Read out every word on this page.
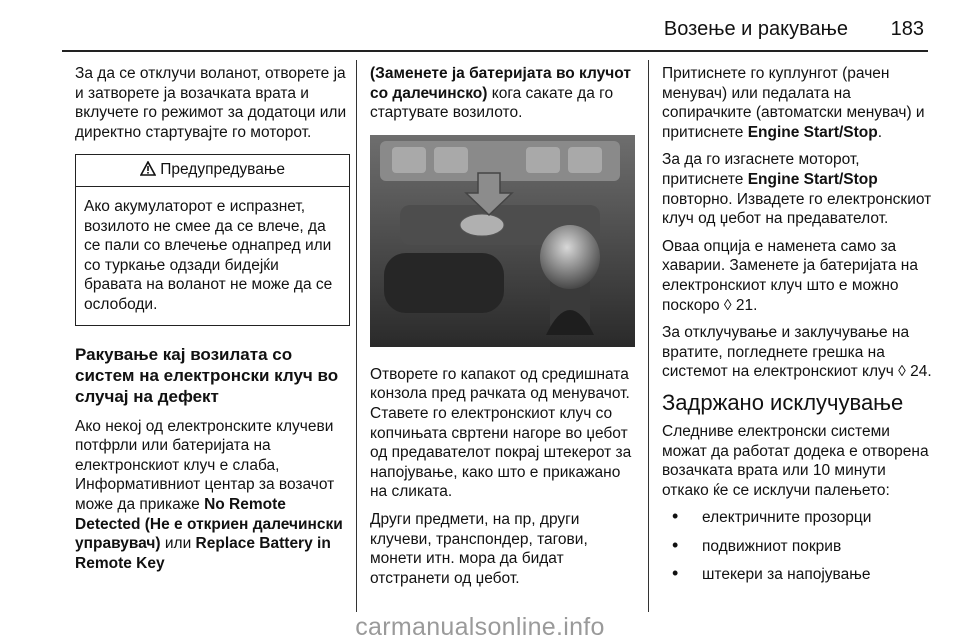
Возење и ракување 183

За да се отклучи воланот, отворете ја и затворете ја возачката врата и вклучете го режимот за додатоци или директно стартувајте го моторот.

Предупредување
Ако акумулаторот е испразнет, возилото не смее да се влече, да се пали со влечење однапред или со туркање одзади бидејќи бравата на воланот не може да се ослободи.
Ракување кај возилата со систем на електронски клуч во случај на дефект

Ако некој од електронските клучеви потфрли или батеријата на електронскиот клуч е слаба, Информативниот центар за возачот може да прикаже No Remote Detected (Не е откриен далечински управувач) или Replace Battery in Remote Key

(Заменете ја батеријата во клучот со далечинско) кога сакате да го стартувате возилото.

Отворете го капакот од средишната конзола пред рачката од менувачот. Ставете го електронскиот клуч со копчињата свртени нагоре во џебот од предавателот покрај штекерот за напојување, како што е прикажано на сликата.

Други предмети, на пр, други клучеви, транспондер, тагови, монети итн. мора да бидат отстранети од џебот.

Притиснете го куплунгот (рачен менувач) или педалата на сопирачките (автоматски менувач) и притиснете Engine Start/Stop.

За да го изгаснете моторот, притиснете Engine Start/Stop повторно. Извадете го електронскиот клуч од џебот на предавателот.

Оваа опција е наменета само за хаварии. Заменете ја батеријата на електронскиот клуч што е можно поскоро ◊ 21.

За отклучување и заклучување на вратите, погледнете грешка на системот на електронскиот клуч ◊ 24.

Задржано исклучување

Следниве електронски системи можат да работат додека е отворена возачката врата или 10 минути откако ќе се исклучи палењето:

• електричните прозорци
• подвижниот покрив
• штекери за напојување
carmanualsonline.info
